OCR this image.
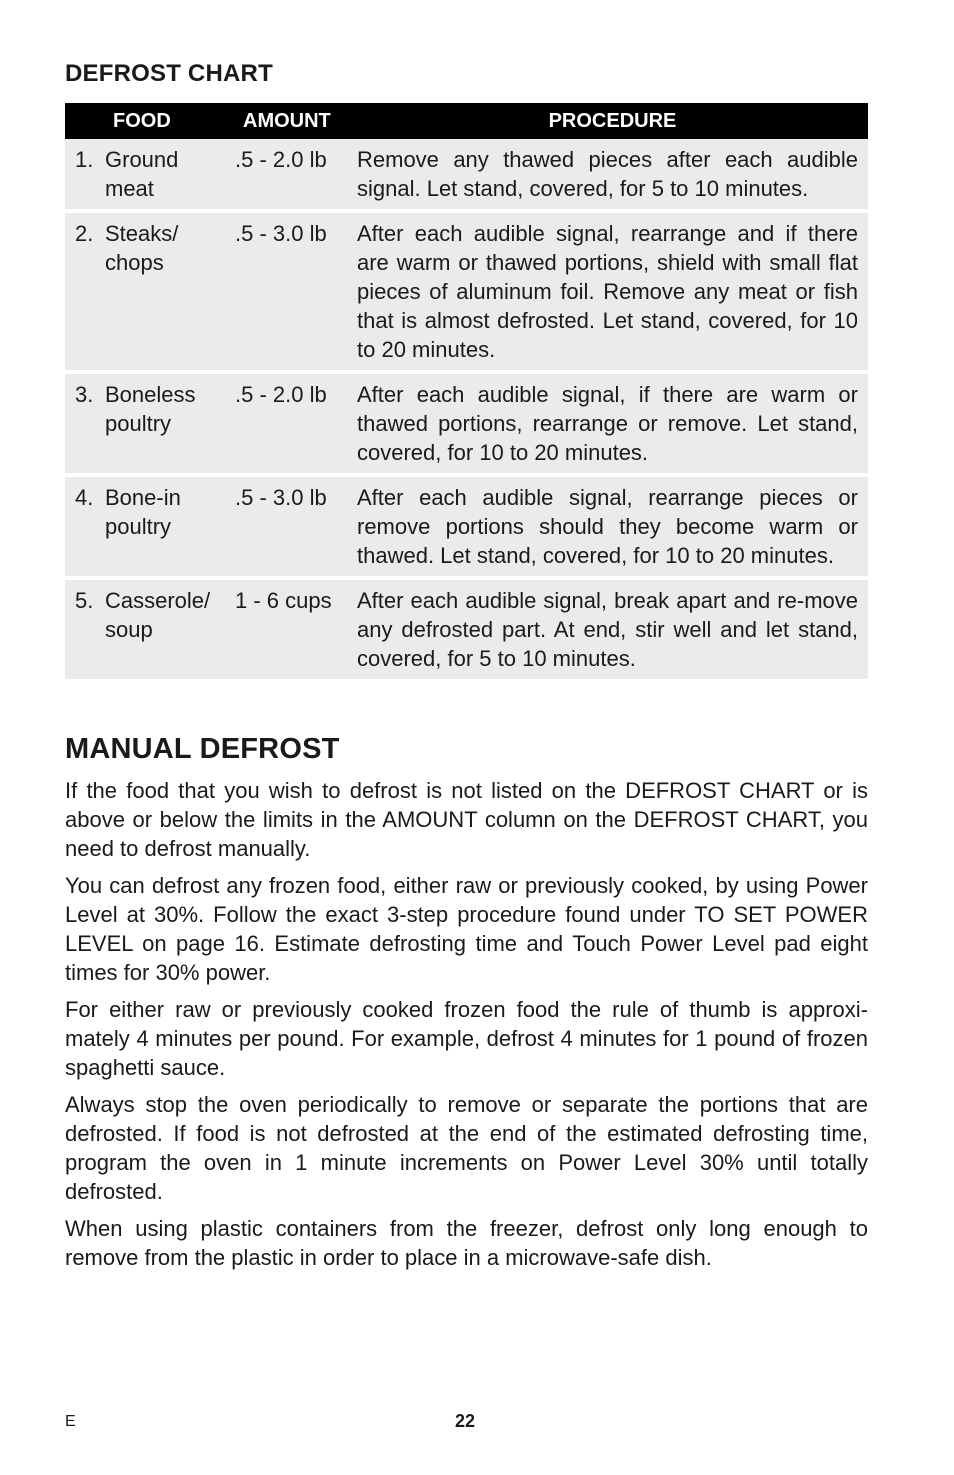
DEFROST CHART
FOOD	AMOUNT	PROCEDURE

1. Ground meat	.5 - 2.0 lb	Remove any thawed pieces after each audible signal. Let stand, covered, for 5 to 10 minutes.

2. Steaks/ chops	.5 - 3.0 lb	After each audible signal, rearrange and if there are warm or thawed portions, shield with small flat pieces of aluminum foil. Remove any meat or fish that is almost defrosted. Let stand, covered, for 10 to 20 minutes.

3. Boneless poultry	.5 - 2.0 lb	After each audible signal, if there are warm or thawed portions, rearrange or remove. Let stand, covered, for 10 to 20 minutes.

4. Bone-in poultry	.5 - 3.0 lb	After each audible signal, rearrange pieces or remove portions should they become warm or thawed. Let stand, covered, for 10 to 20 minutes.

5. Casserole/ soup	1 - 6 cups	After each audible signal, break apart and re-move any defrosted part. At end, stir well and let stand, covered, for 5 to 10 minutes.
MANUAL DEFROST

If the food that you wish to defrost is not listed on the DEFROST CHART or is above or below the limits in the AMOUNT column on the DEFROST CHART, you need to defrost manually.

You can defrost any frozen food, either raw or previously cooked, by using Power Level at 30%. Follow the exact 3-step procedure found under TO SET POWER LEVEL on page 16. Estimate defrosting time and Touch Power Level pad eight times for 30% power.

For either raw or previously cooked frozen food the rule of thumb is approxi-mately 4 minutes per pound. For example, defrost 4 minutes for 1 pound of frozen spaghetti sauce.

Always stop the oven periodically to remove or separate the portions that are defrosted. If food is not defrosted at the end of the estimated defrosting time, program the oven in 1 minute increments on Power Level 30% until totally defrosted.

When using plastic containers from the freezer, defrost only long enough to remove from the plastic in order to place in a microwave-safe dish.

E	22
